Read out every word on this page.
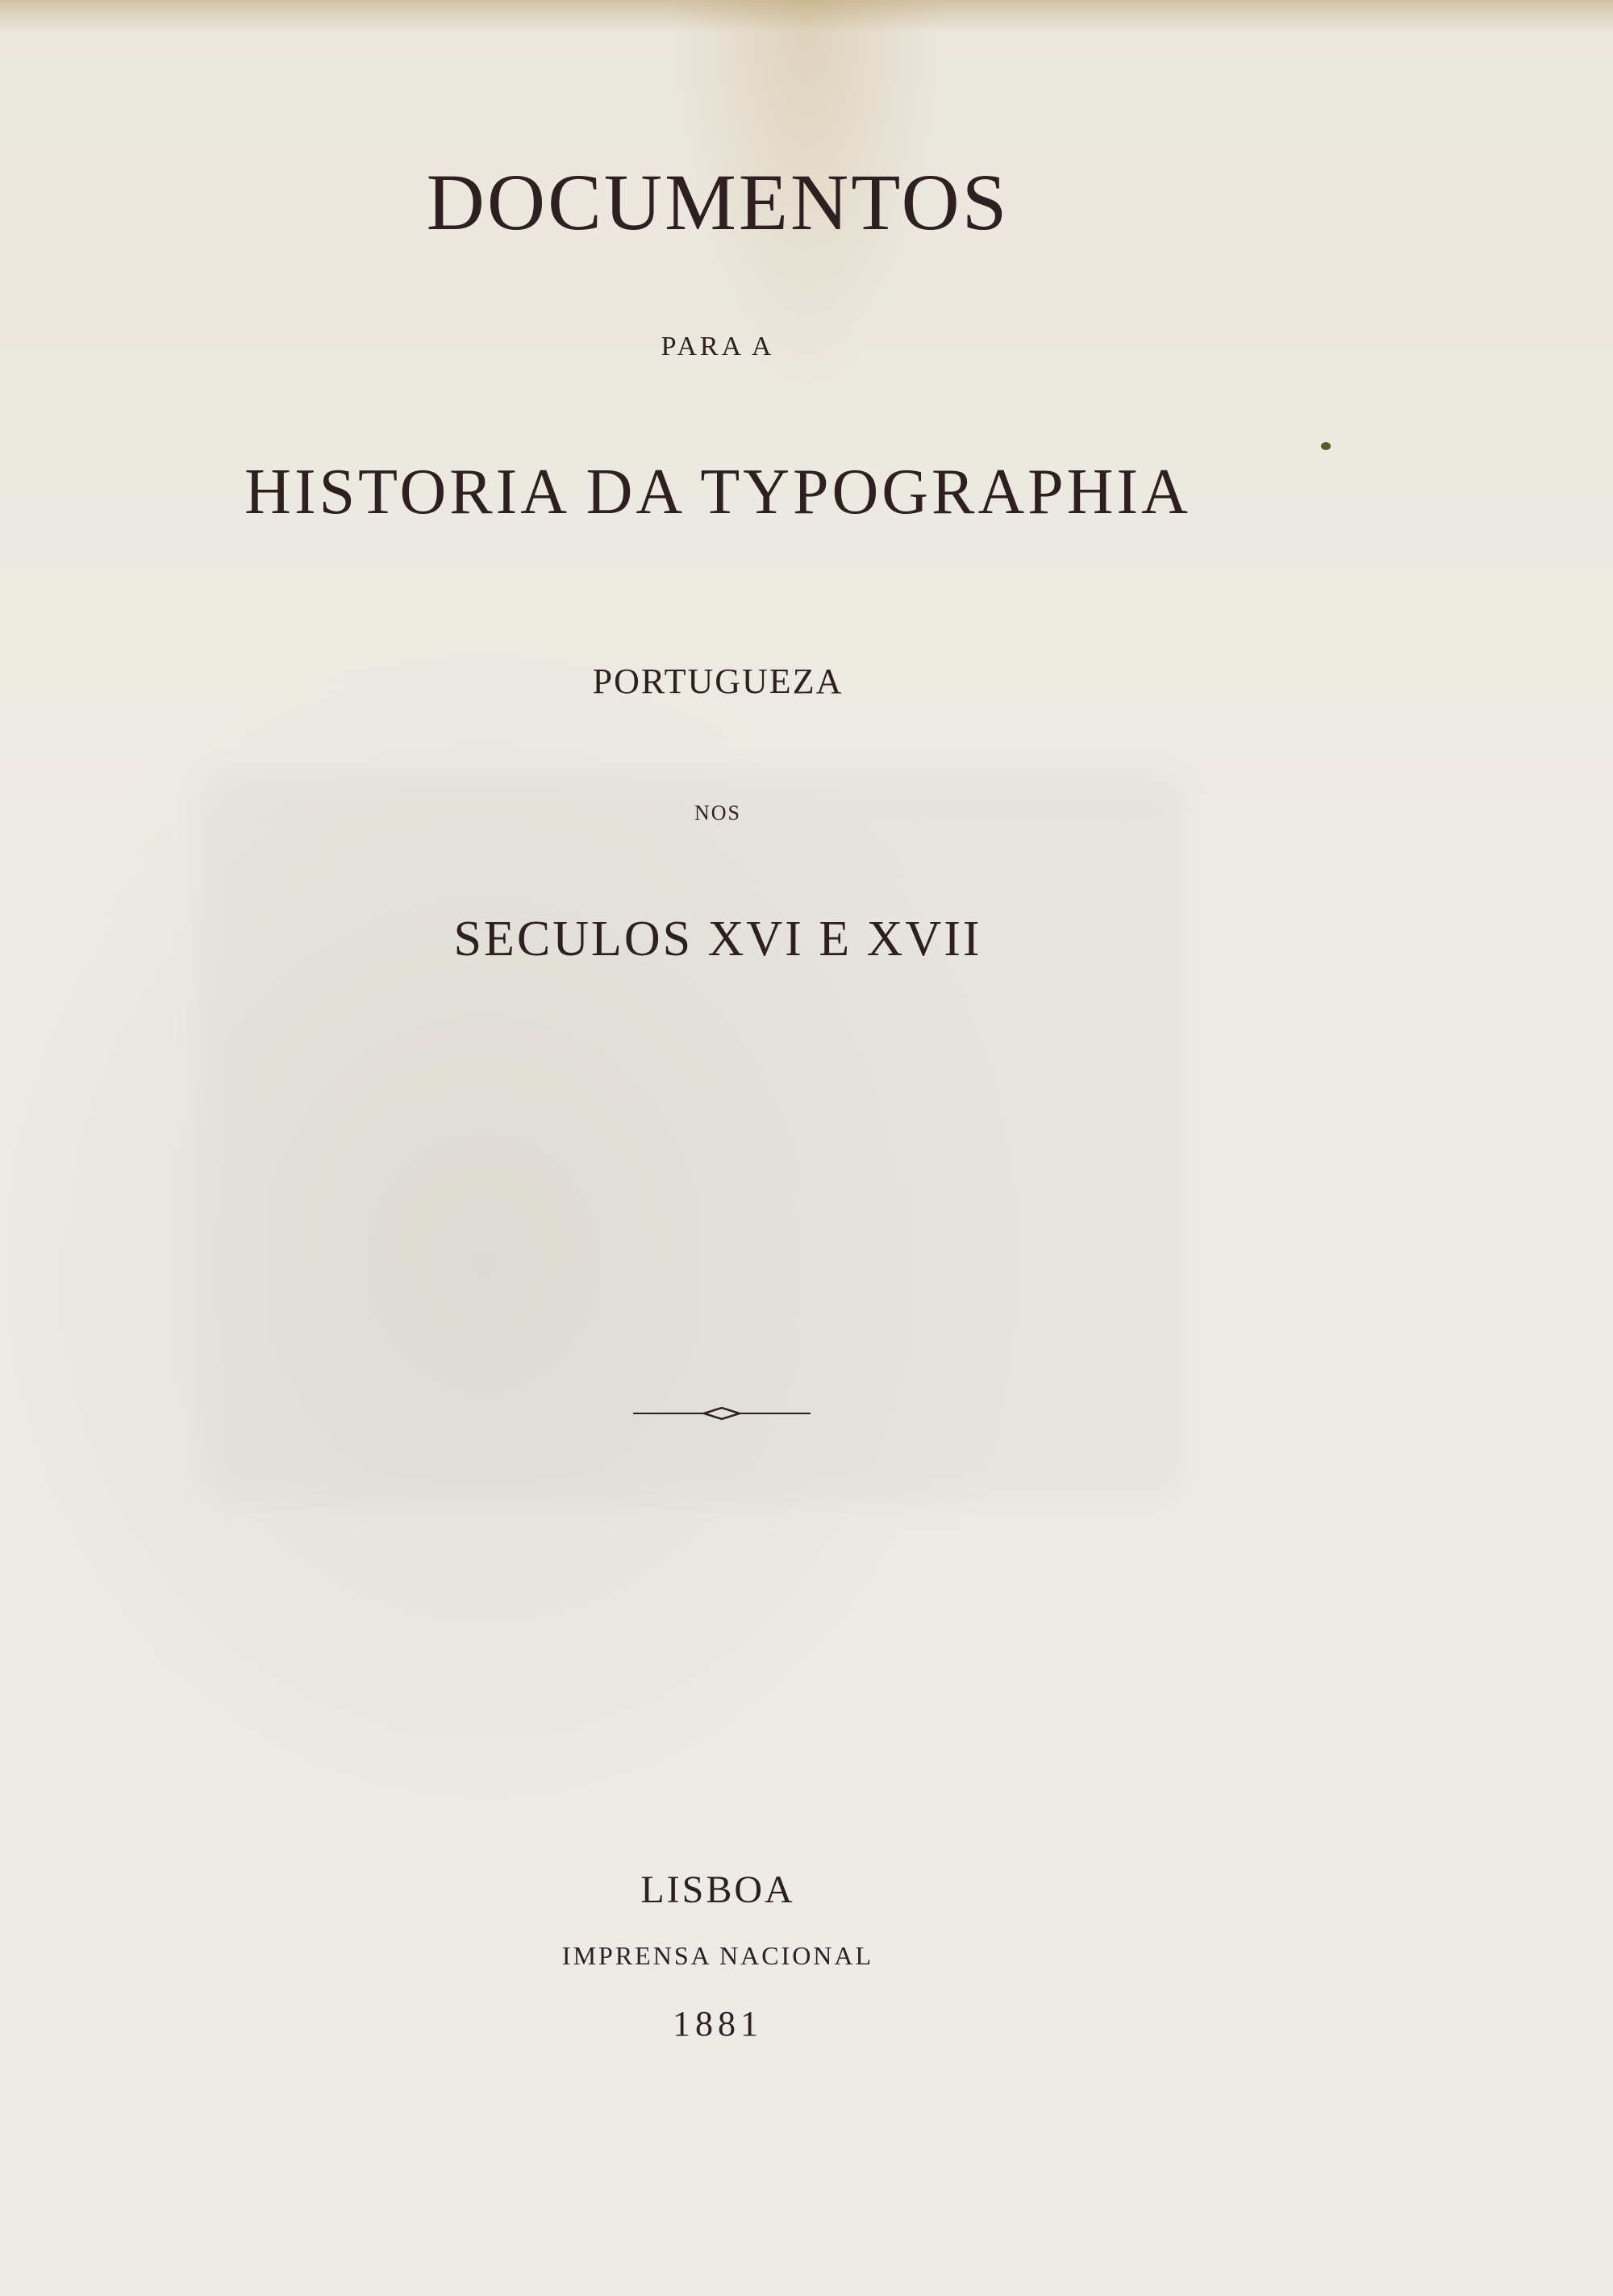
DOCUMENTOS
PARA A
HISTORIA DA TYPOGRAPHIA
PORTUGUEZA
NOS
SECULOS XVI E XVII
LISBOA
IMPRENSA NACIONAL
1881
